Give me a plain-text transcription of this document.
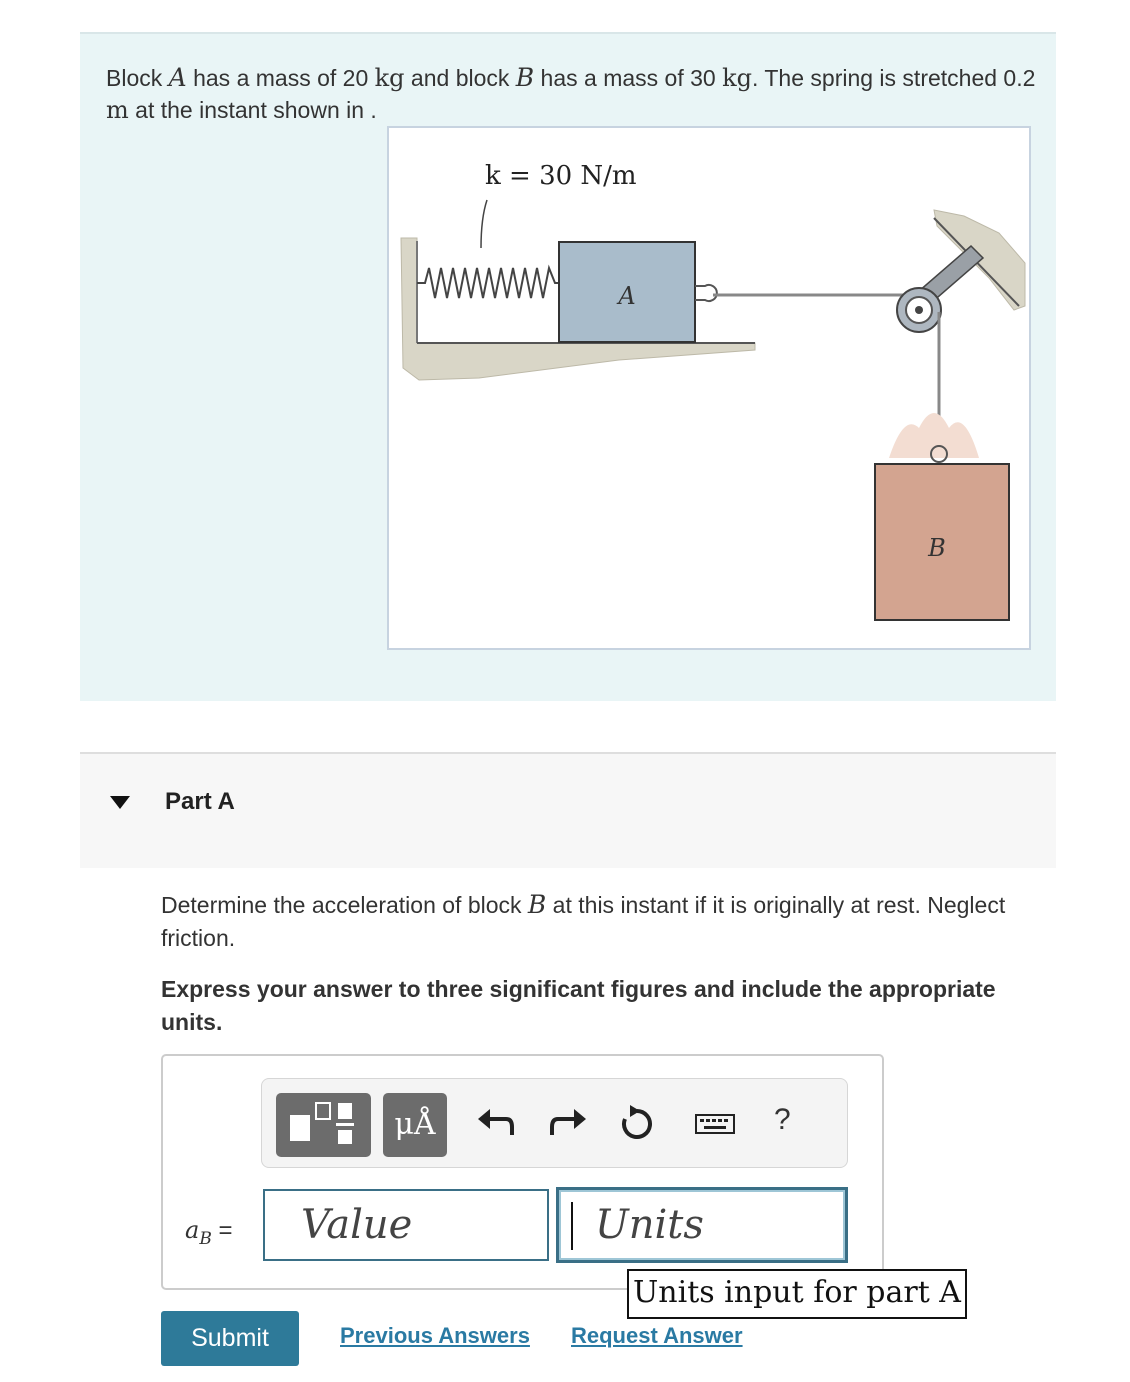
Block A has a mass of 20 kg and block B has a mass of 30 kg. The spring is stretched 0.2 m at the instant shown in .
k = 30 N/m
A
B
Part A
Determine the acceleration of block B at this instant if it is originally at rest. Neglect friction.
Express your answer to three significant figures and include the appropriate units.
μÅ	?
$a_B$ =	Value	Units
Units input for part A
Submit	Previous Answers Request Answer
